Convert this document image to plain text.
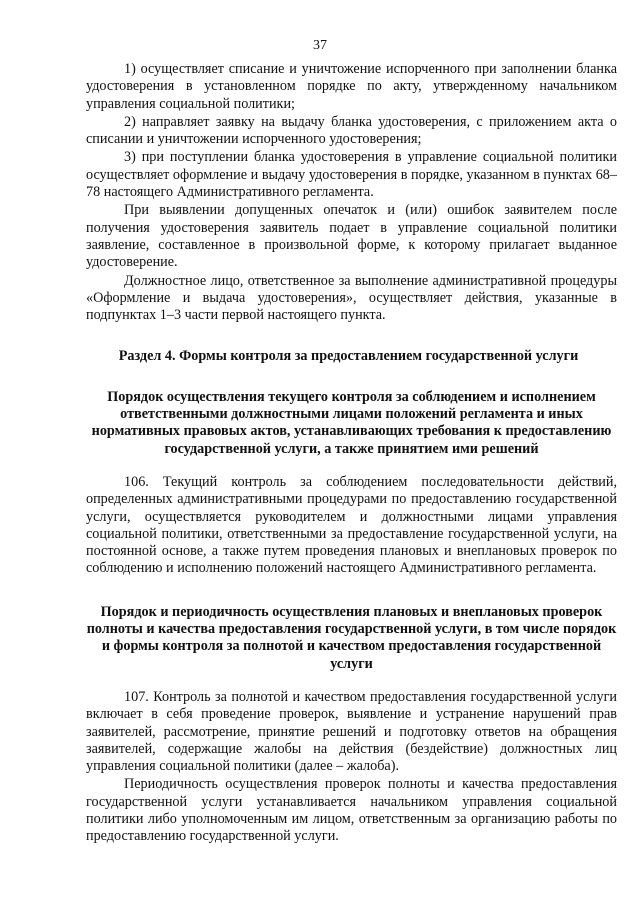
37

1) осуществляет списание и уничтожение испорченного при заполнении бланка удостоверения в установленном порядке по акту, утвержденному начальником управления социальной политики;

2) направляет заявку на выдачу бланка удостоверения, с приложением акта о списании и уничтожении испорченного удостоверения;

3) при поступлении бланка удостоверения в управление социальной политики осуществляет оформление и выдачу удостоверения в порядке, указанном в пунктах 68–78 настоящего Административного регламента.

При выявлении допущенных опечаток и (или) ошибок заявителем после получения удостоверения заявитель подает в управление социальной политики заявление, составленное в произвольной форме, к которому прилагает выданное удостоверение.

Должностное лицо, ответственное за выполнение административной процедуры «Оформление и выдача удостоверения», осуществляет действия, указанные в подпунктах 1–3 части первой настоящего пункта.

Раздел 4. Формы контроля за предоставлением государственной услуги
Порядок осуществления текущего контроля за соблюдением и исполнением ответственными должностными лицами положений регламента и иных нормативных правовых актов, устанавливающих требования к предоставлению государственной услуги, а также принятием ими решений

106. Текущий контроль за соблюдением последовательности действий, определенных административными процедурами по предоставлению государственной услуги, осуществляется руководителем и должностными лицами управления социальной политики, ответственными за предоставление государственной услуги, на постоянной основе, а также путем проведения плановых и внеплановых проверок по соблюдению и исполнению положений настоящего Административного регламента.

Порядок и периодичность осуществления плановых и внеплановых проверок полноты и качества предоставления государственной услуги, в том числе порядок и формы контроля за полнотой и качеством предоставления государственной услуги

107. Контроль за полнотой и качеством предоставления государственной услуги включает в себя проведение проверок, выявление и устранение нарушений прав заявителей, рассмотрение, принятие решений и подготовку ответов на обращения заявителей, содержащие жалобы на действия (бездействие) должностных лиц управления социальной политики (далее – жалоба).

Периодичность осуществления проверок полноты и качества предоставления государственной услуги устанавливается начальником управления социальной политики либо уполномоченным им лицом, ответственным за организацию работы по предоставлению государственной услуги.
